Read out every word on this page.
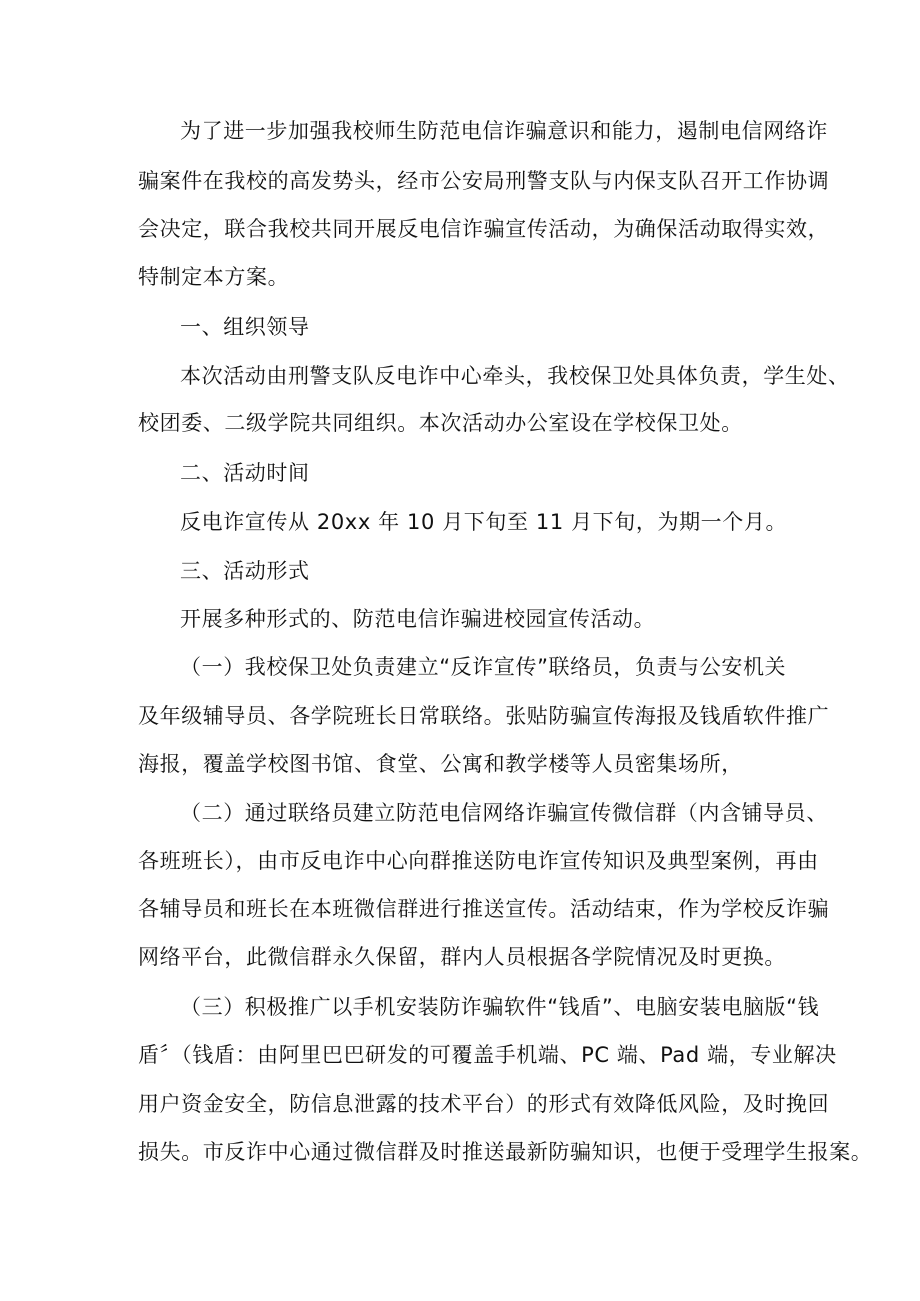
为了进一步加强我校师生防范电信诈骗意识和能力，遏制电信网络诈

骗案件在我校的高发势头，经市公安局刑警支队与内保支队召开工作协调

会决定，联合我校共同开展反电信诈骗宣传活动，为确保活动取得实效，

特制定本方案。

一、组织领导

本次活动由刑警支队反电诈中心牵头，我校保卫处具体负责，学生处、

校团委、二级学院共同组织。本次活动办公室设在学校保卫处。

二、活动时间

反电诈宣传从 20xx 年 10 月下旬至 11 月下旬，为期一个月。

三、活动形式

开展多种形式的、防范电信诈骗进校园宣传活动。

（一）我校保卫处负责建立“反诈宣传”联络员，负责与公安机关

及年级辅导员、各学院班长日常联络。张贴防骗宣传海报及钱盾软件推广

海报，覆盖学校图书馆、食堂、公寓和教学楼等人员密集场所，

（二）通过联络员建立防范电信网络诈骗宣传微信群（内含铺导员、

各班班长），由市反电诈中心向群推送防电诈宣传知识及典型案例，再由

各辅导员和班长在本班微信群进行推送宣传。活动结束，作为学校反诈骗

网络平台，此微信群永久保留，群内人员根据各学院情况及时更换。

（三）积极推广以手机安装防诈骗软件“钱盾”、电脑安装电脑版“钱

盾〞（钱盾：由阿里巴巴研发的可覆盖手机端、PC 端、Pad 端，专业解决

用户资金安全，防信息泄露的技术平台）的形式有效降低风险，及时挽回

损失。市反诈中心通过微信群及时推送最新防骗知识，也便于受理学生报案。
